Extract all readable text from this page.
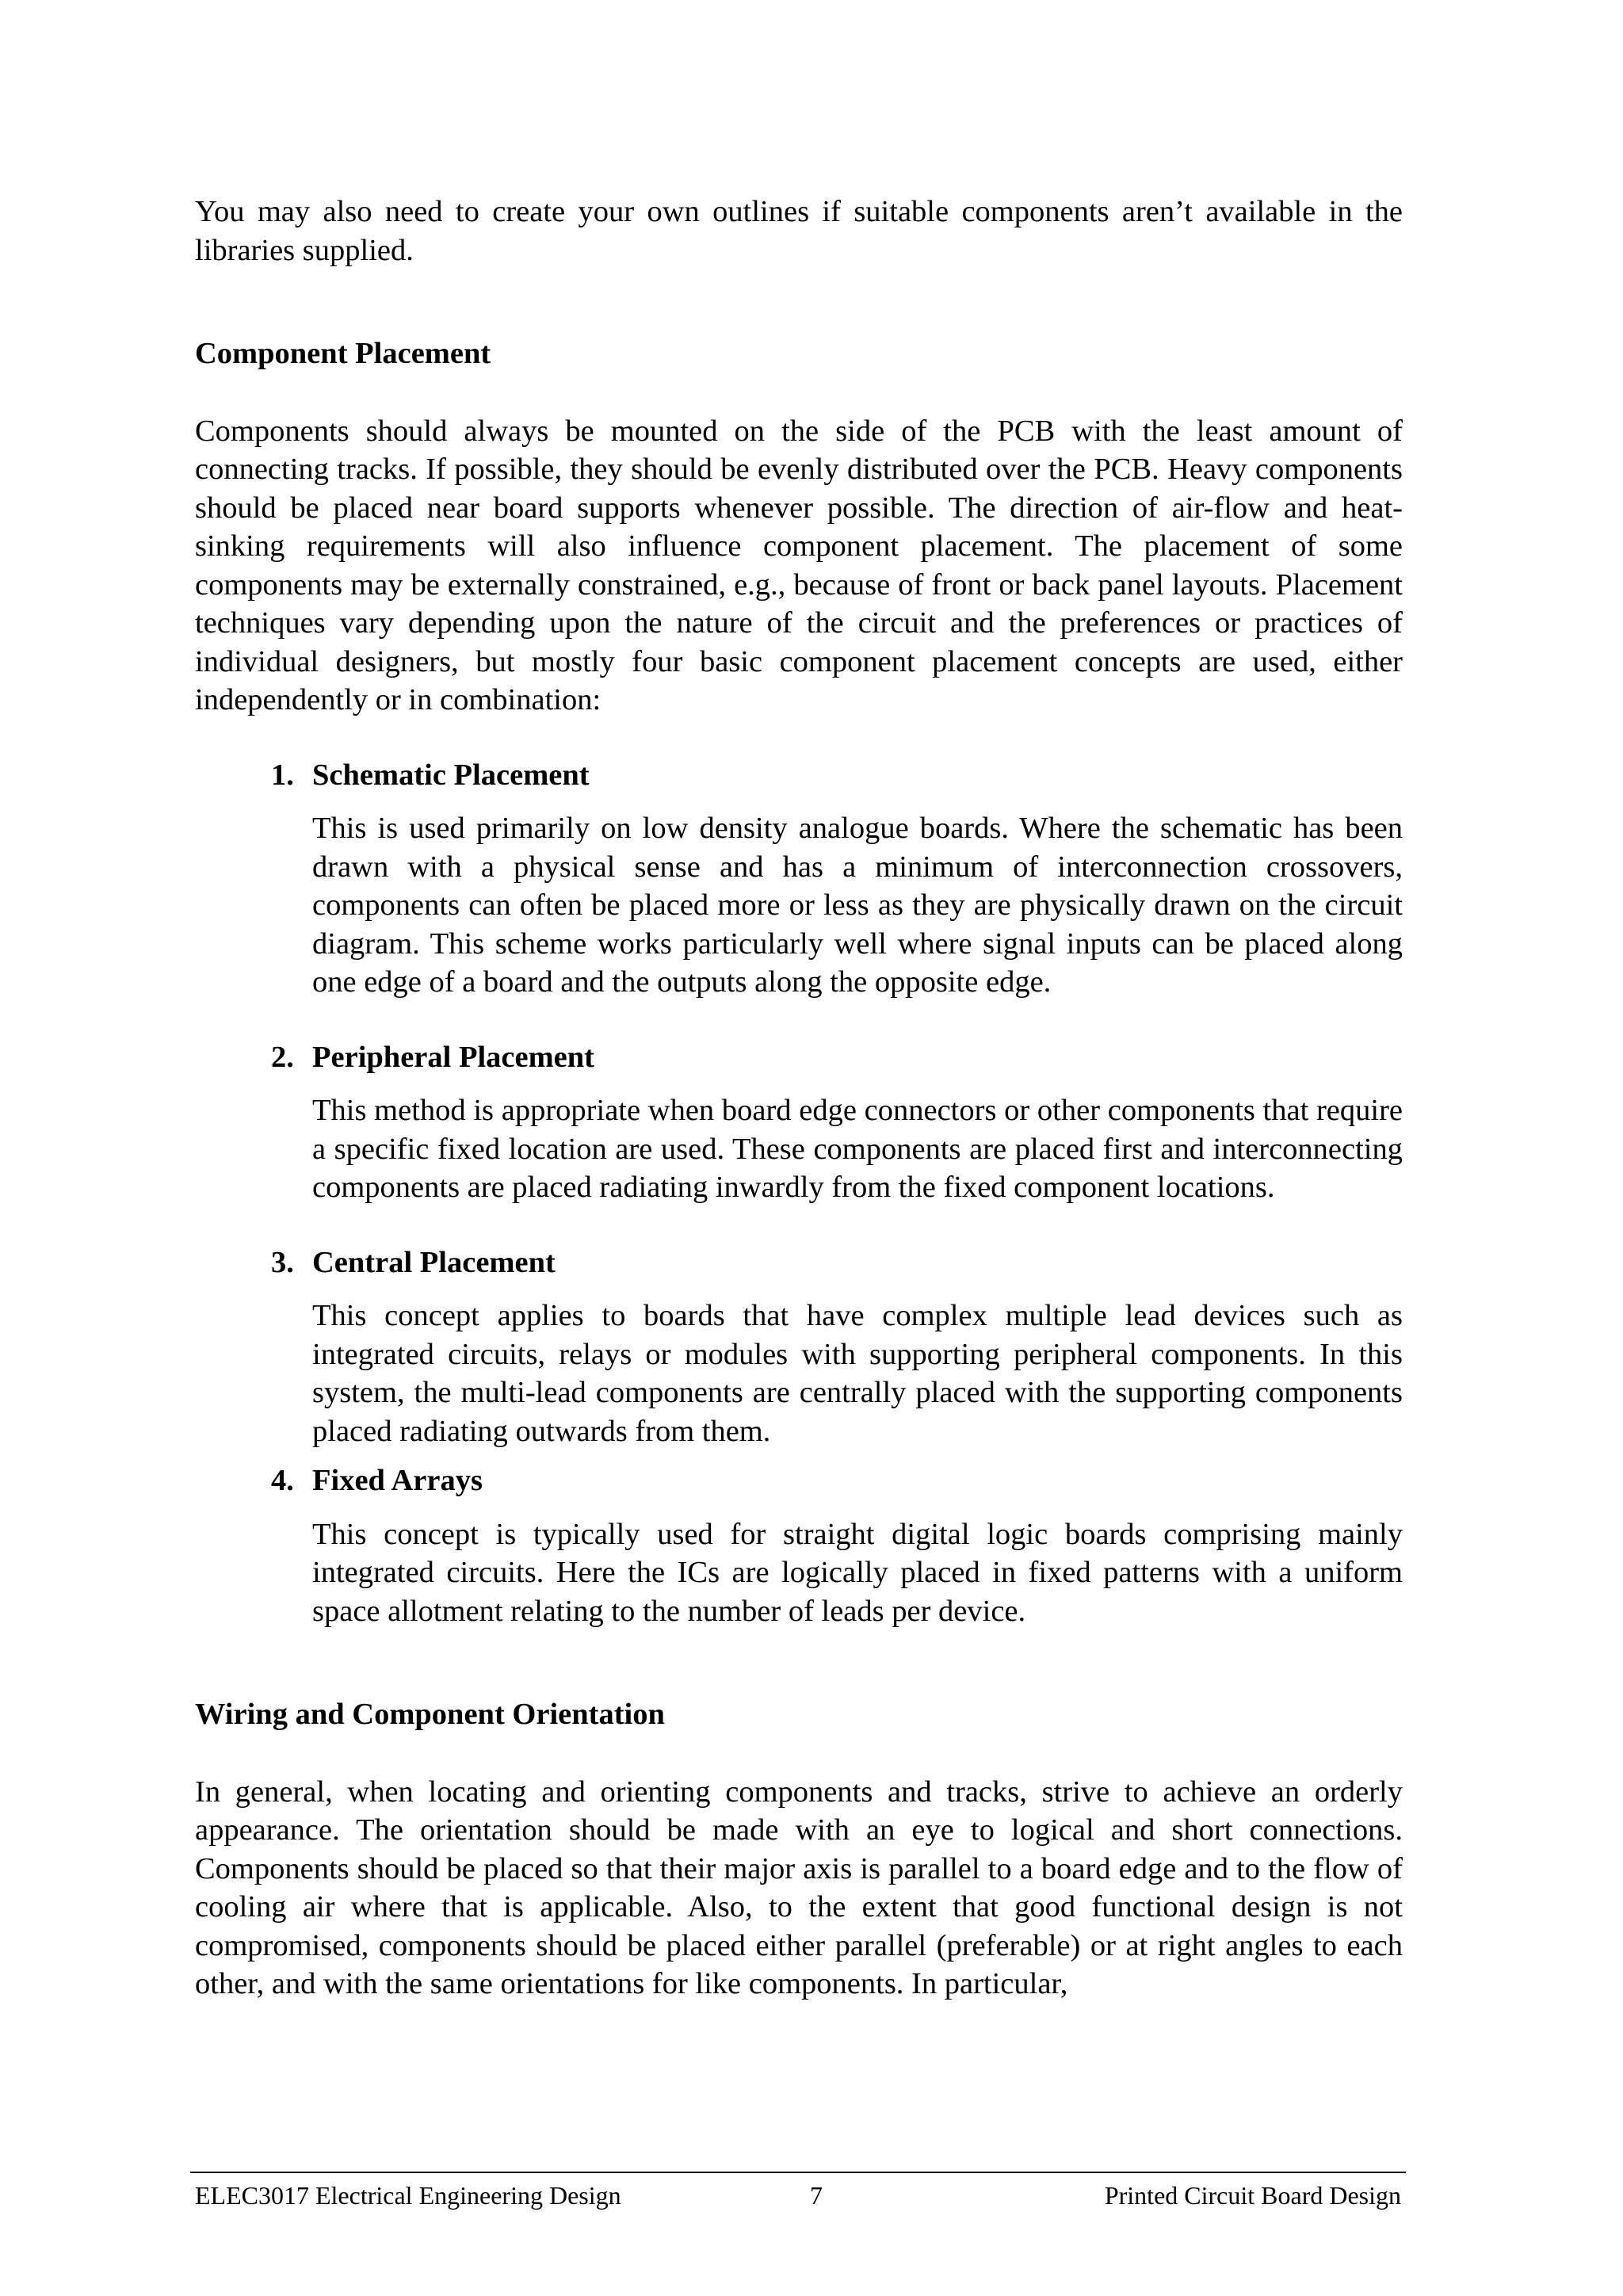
You may also need to create your own outlines if suitable components aren’t available in the libraries supplied.

Component Placement

Components should always be mounted on the side of the PCB with the least amount of connecting tracks. If possible, they should be evenly distributed over the PCB. Heavy components should be placed near board supports whenever possible. The direction of air-flow and heat-sinking requirements will also influence component placement. The placement of some components may be externally constrained, e.g., because of front or back panel layouts. Placement techniques vary depending upon the nature of the circuit and the preferences or practices of individual designers, but mostly four basic component placement concepts are used, either independently or in combination:

1. Schematic Placement

This is used primarily on low density analogue boards. Where the schematic has been drawn with a physical sense and has a minimum of interconnection crossovers, components can often be placed more or less as they are physically drawn on the circuit diagram. This scheme works particularly well where signal inputs can be placed along one edge of a board and the outputs along the opposite edge.

2. Peripheral Placement

This method is appropriate when board edge connectors or other components that require a specific fixed location are used. These components are placed first and interconnecting components are placed radiating inwardly from the fixed component locations.

3. Central Placement

This concept applies to boards that have complex multiple lead devices such as integrated circuits, relays or modules with supporting peripheral components. In this system, the multi-lead components are centrally placed with the supporting components placed radiating outwards from them.

4. Fixed Arrays

This concept is typically used for straight digital logic boards comprising mainly integrated circuits. Here the ICs are logically placed in fixed patterns with a uniform space allotment relating to the number of leads per device.

Wiring and Component Orientation

In general, when locating and orienting components and tracks, strive to achieve an orderly appearance. The orientation should be made with an eye to logical and short connections. Components should be placed so that their major axis is parallel to a board edge and to the flow of cooling air where that is applicable. Also, to the extent that good functional design is not compromised, components should be placed either parallel (preferable) or at right angles to each other, and with the same orientations for like components. In particular,

ELEC3017 Electrical Engineering Design	7	Printed Circuit Board Design
